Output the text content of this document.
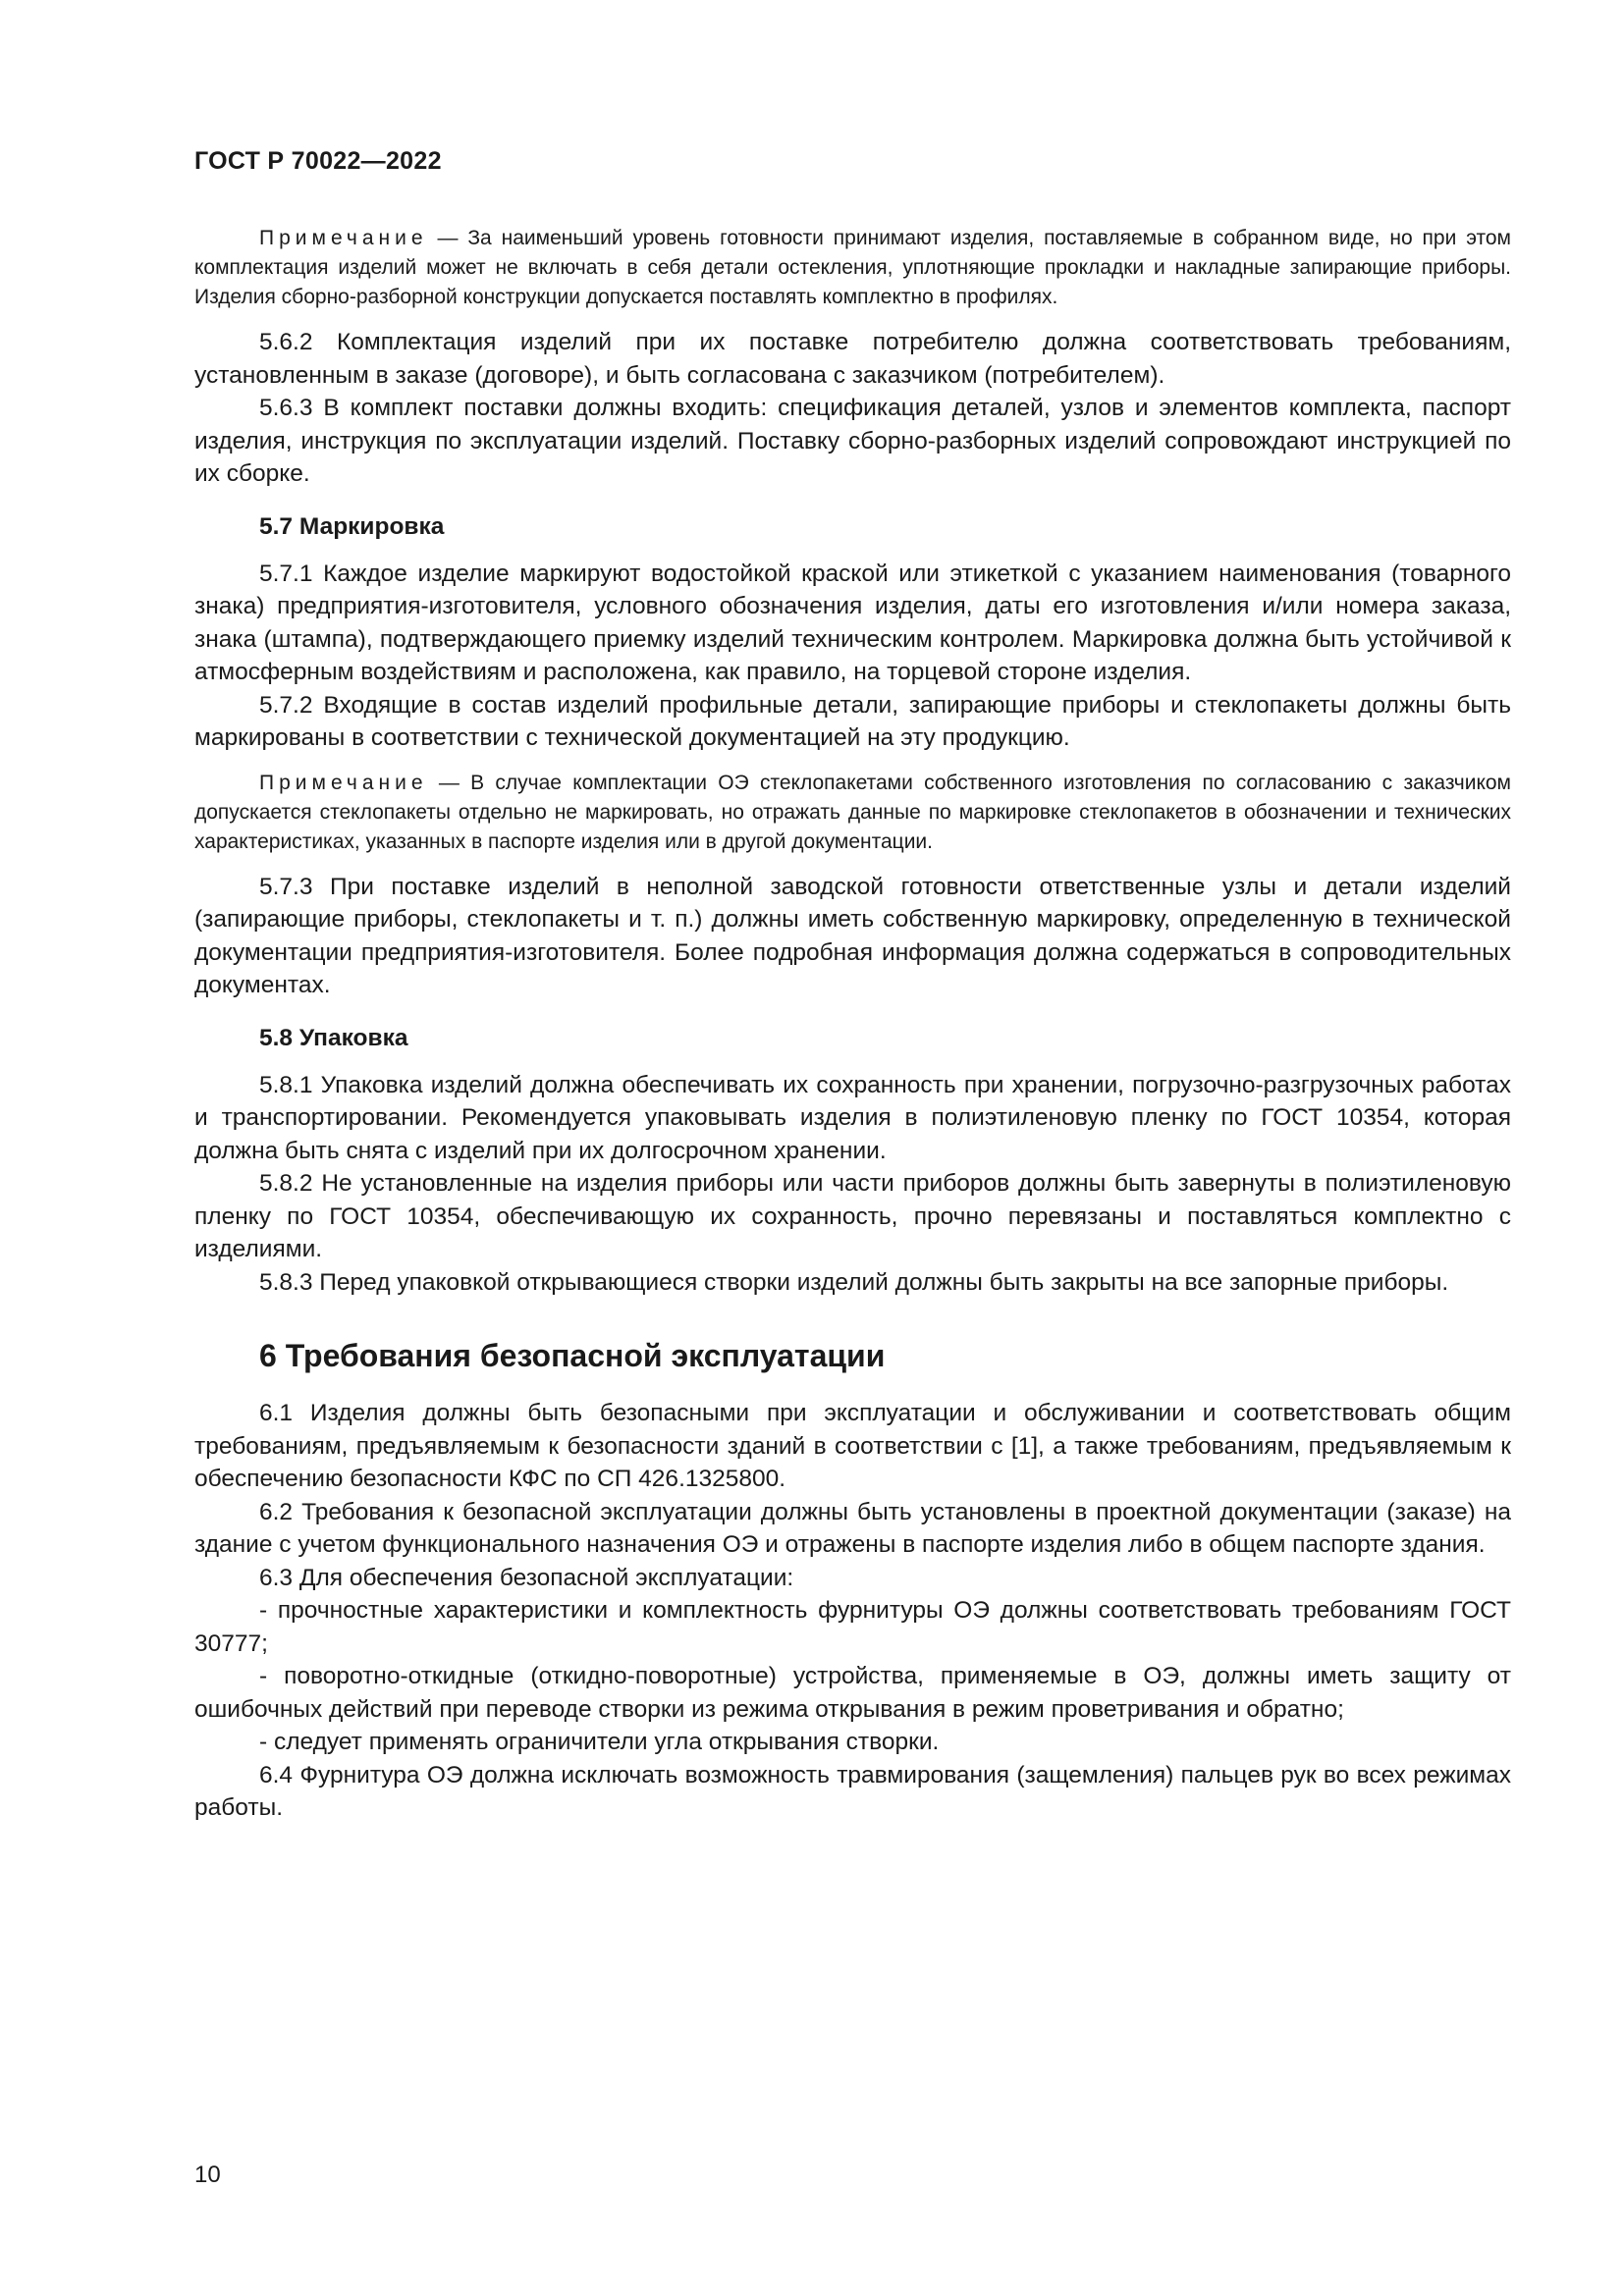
ГОСТ Р 70022—2022

Примечание — За наименьший уровень готовности принимают изделия, поставляемые в собранном виде, но при этом комплектация изделий может не включать в себя детали остекления, уплотняющие прокладки и накладные запирающие приборы. Изделия сборно-разборной конструкции допускается поставлять комплектно в профилях.

5.6.2 Комплектация изделий при их поставке потребителю должна соответствовать требованиям, установленным в заказе (договоре), и быть согласована с заказчиком (потребителем).

5.6.3 В комплект поставки должны входить: спецификация деталей, узлов и элементов комплекта, паспорт изделия, инструкция по эксплуатации изделий. Поставку сборно-разборных изделий сопровождают инструкцией по их сборке.

5.7 Маркировка

5.7.1 Каждое изделие маркируют водостойкой краской или этикеткой с указанием наименования (товарного знака) предприятия-изготовителя, условного обозначения изделия, даты его изготовления и/или номера заказа, знака (штампа), подтверждающего приемку изделий техническим контролем. Маркировка должна быть устойчивой к атмосферным воздействиям и расположена, как правило, на торцевой стороне изделия.

5.7.2 Входящие в состав изделий профильные детали, запирающие приборы и стеклопакеты должны быть маркированы в соответствии с технической документацией на эту продукцию.

Примечание — В случае комплектации ОЭ стеклопакетами собственного изготовления по согласованию с заказчиком допускается стеклопакеты отдельно не маркировать, но отражать данные по маркировке стеклопакетов в обозначении и технических характеристиках, указанных в паспорте изделия или в другой документации.

5.7.3 При поставке изделий в неполной заводской готовности ответственные узлы и детали изделий (запирающие приборы, стеклопакеты и т. п.) должны иметь собственную маркировку, определенную в технической документации предприятия-изготовителя. Более подробная информация должна содержаться в сопроводительных документах.

5.8 Упаковка

5.8.1 Упаковка изделий должна обеспечивать их сохранность при хранении, погрузочно-разгрузочных работах и транспортировании. Рекомендуется упаковывать изделия в полиэтиленовую пленку по ГОСТ 10354, которая должна быть снята с изделий при их долгосрочном хранении.

5.8.2 Не установленные на изделия приборы или части приборов должны быть завернуты в полиэтиленовую пленку по ГОСТ 10354, обеспечивающую их сохранность, прочно перевязаны и поставляться комплектно с изделиями.

5.8.3 Перед упаковкой открывающиеся створки изделий должны быть закрыты на все запорные приборы.

6 Требования безопасной эксплуатации

6.1 Изделия должны быть безопасными при эксплуатации и обслуживании и соответствовать общим требованиям, предъявляемым к безопасности зданий в соответствии с [1], а также требованиям, предъявляемым к обеспечению безопасности КФС по СП 426.1325800.

6.2 Требования к безопасной эксплуатации должны быть установлены в проектной документации (заказе) на здание с учетом функционального назначения ОЭ и отражены в паспорте изделия либо в общем паспорте здания.

6.3 Для обеспечения безопасной эксплуатации:

- прочностные характеристики и комплектность фурнитуры ОЭ должны соответствовать требованиям ГОСТ 30777;

- поворотно-откидные (откидно-поворотные) устройства, применяемые в ОЭ, должны иметь защиту от ошибочных действий при переводе створки из режима открывания в режим проветривания и обратно;

- следует применять ограничители угла открывания створки.

6.4 Фурнитура ОЭ должна исключать возможность травмирования (защемления) пальцев рук во всех режимах работы.

10
